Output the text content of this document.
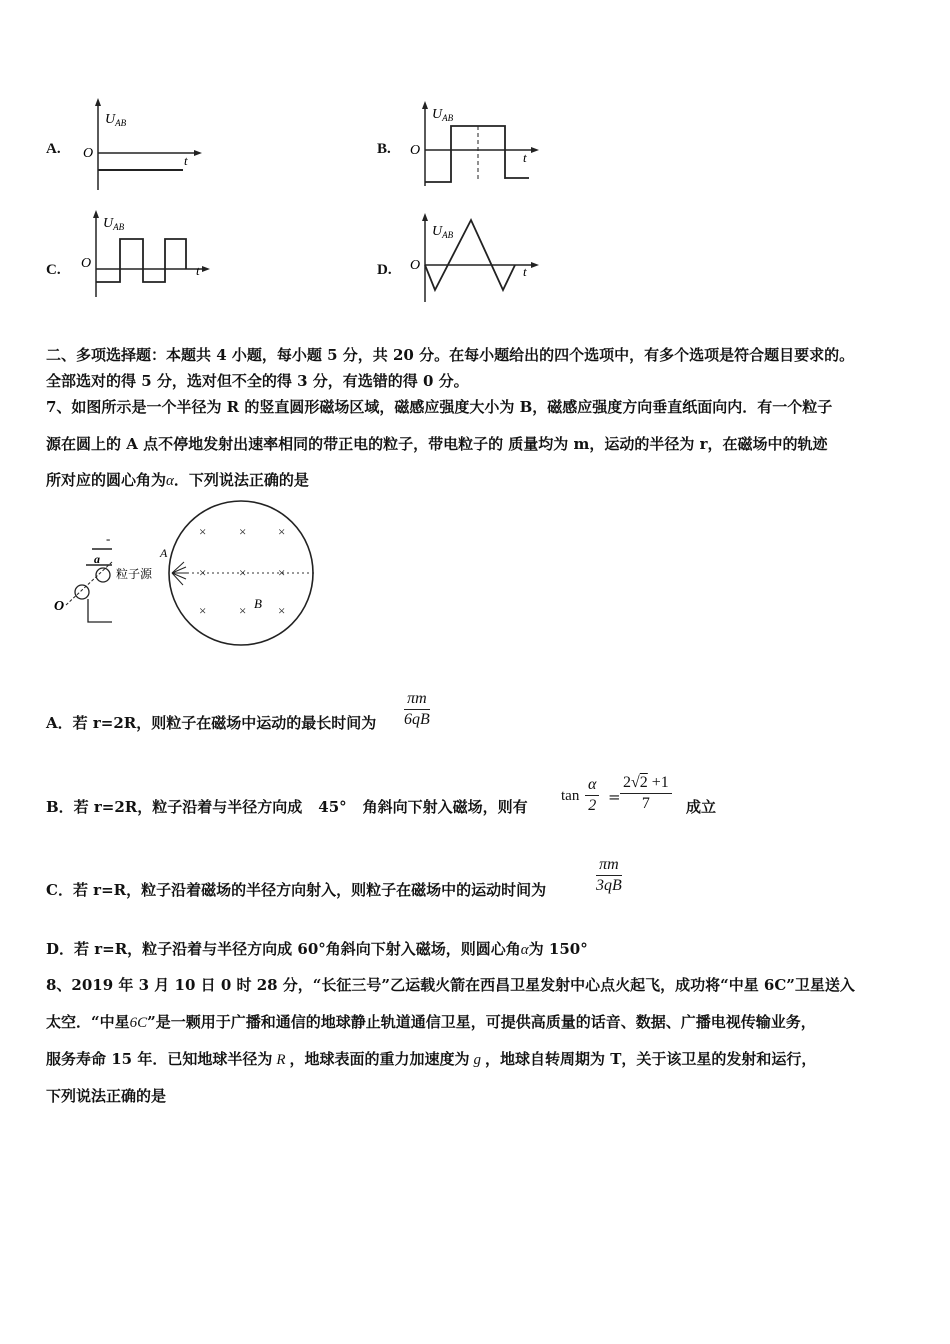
A.
$U_{AB}$
O	t
B.
$U_{AB}$
O	t
C.
$U_{AB}$
O	t	D.
$U_{AB}$
O	t
二、多项选择题：本题共 4 小题，每小题 5 分，共 20 分。在每小题给出的四个选项中，有多个选项是符合题目要求的。
全部选对的得 5 分，选对但不全的得 3 分，有选错的得 0 分。
7、如图所示是一个半径为 R 的竖直圆形磁场区域，磁感应强度大小为 B，磁感应强度方向垂直纸面向内．有一个粒子
源在圆上的 A 点不停地发射出速率相同的带正电的粒子，带电粒子的 质量均为 m，运动的半径为 r，在磁场中的轨迹
所对应的圆心角为α．下列说法正确的是
×	× ×
×	× ×
×	× ×
A
B
粒子源
-
a
O
A．若 r=2R，则粒子在磁场中运动的最长时间为 $\frac{\pi m}{6qB}$
B．若 r=2R，粒子沿着与半径方向成 45° 角斜向下射入磁场，则有
$\tan \frac{\alpha}{2} = \frac{2√2 +1}{7}$ 成立
C．若 r=R，粒子沿着磁场的半径方向射入，则粒子在磁场中的运动时间为	$\frac{\pi m}{3qB}$
D．若 r=R，粒子沿着与半径方向成 60°角斜向下射入磁场，则圆心角α为 150°
8、2019 年 3 月 10 日 0 时 28 分，“长征三号”乙运载火箭在西昌卫星发射中心点火起飞，成功将“中星 6C”卫星送入
太空．“中星6C”是一颗用于广播和通信的地球静止轨道通信卫星，可提供高质量的话音、数据、广播电视传输业务，
服务寿命 15 年．已知地球半径为 R ，地球表面的重力加速度为 g ，地球自转周期为 T，关于该卫星的发射和运行，
下列说法正确的是
